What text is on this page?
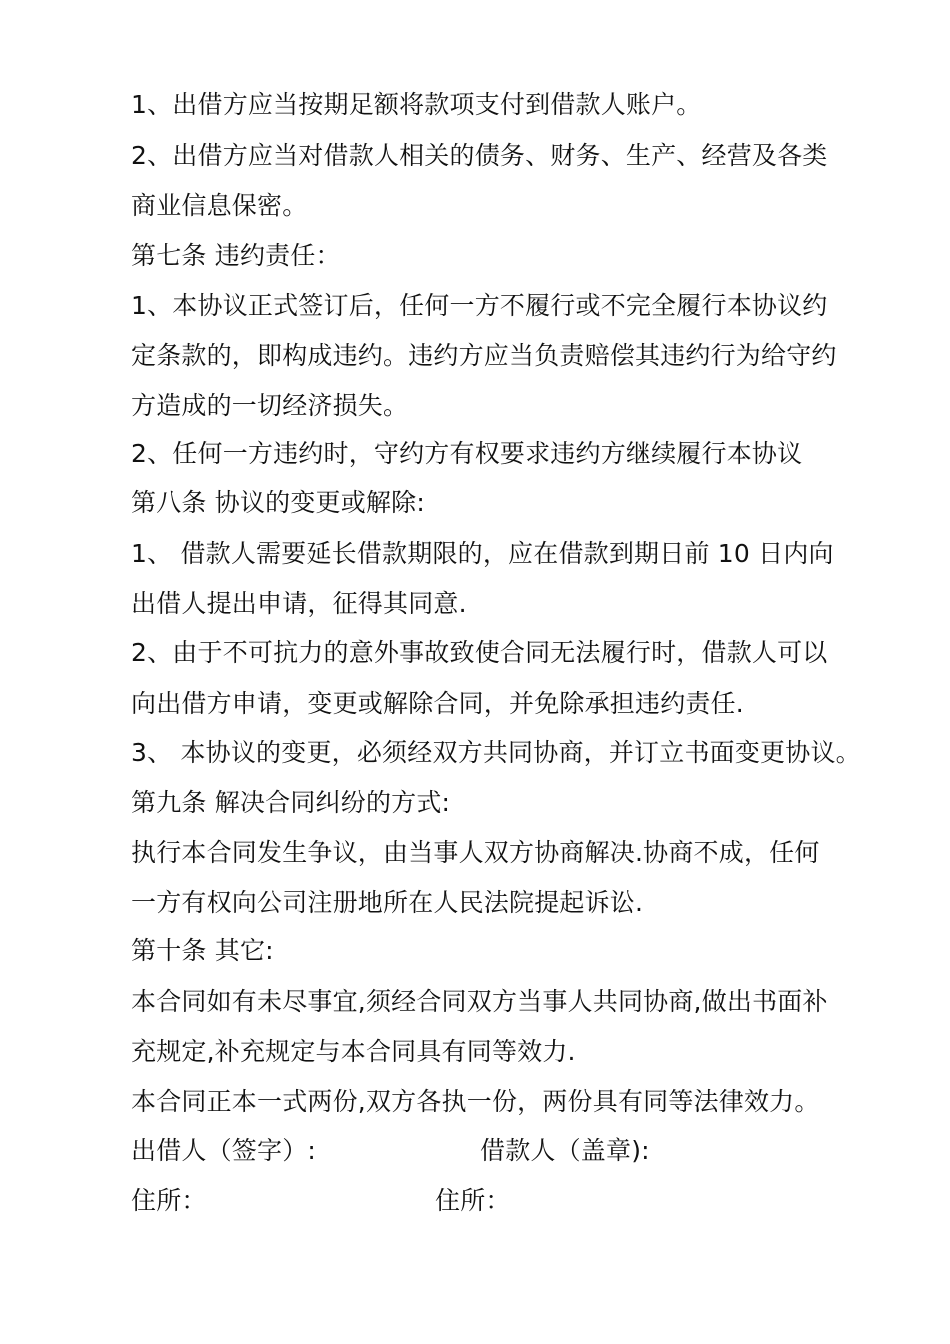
1、出借方应当按期足额将款项支付到借款人账户。
2、出借方应当对借款人相关的债务、财务、生产、经营及各类
商业信息保密。
第七条 违约责任：
1、本协议正式签订后，任何一方不履行或不完全履行本协议约
定条款的，即构成违约。违约方应当负责赔偿其违约行为给守约
方造成的一切经济损失。
2、任何一方违约时，守约方有权要求违约方继续履行本协议
第八条 协议的变更或解除:
1、 借款人需要延长借款期限的，应在借款到期日前 10 日内向
出借人提出申请，征得其同意.
2、由于不可抗力的意外事故致使合同无法履行时，借款人可以
向出借方申请，变更或解除合同，并免除承担违约责任.
3、 本协议的变更，必须经双方共同协商，并订立书面变更协议。
第九条 解决合同纠纷的方式:
执行本合同发生争议，由当事人双方协商解决.协商不成，任何
一方有权向公司注册地所在人民法院提起诉讼.
第十条 其它:
本合同如有未尽事宜,须经合同双方当事人共同协商,做出书面补
充规定,补充规定与本合同具有同等效力.
本合同正本一式两份,双方各执一份，两份具有同等法律效力。
出借人（签字）:	借款人（盖章):
住所：	住所：
